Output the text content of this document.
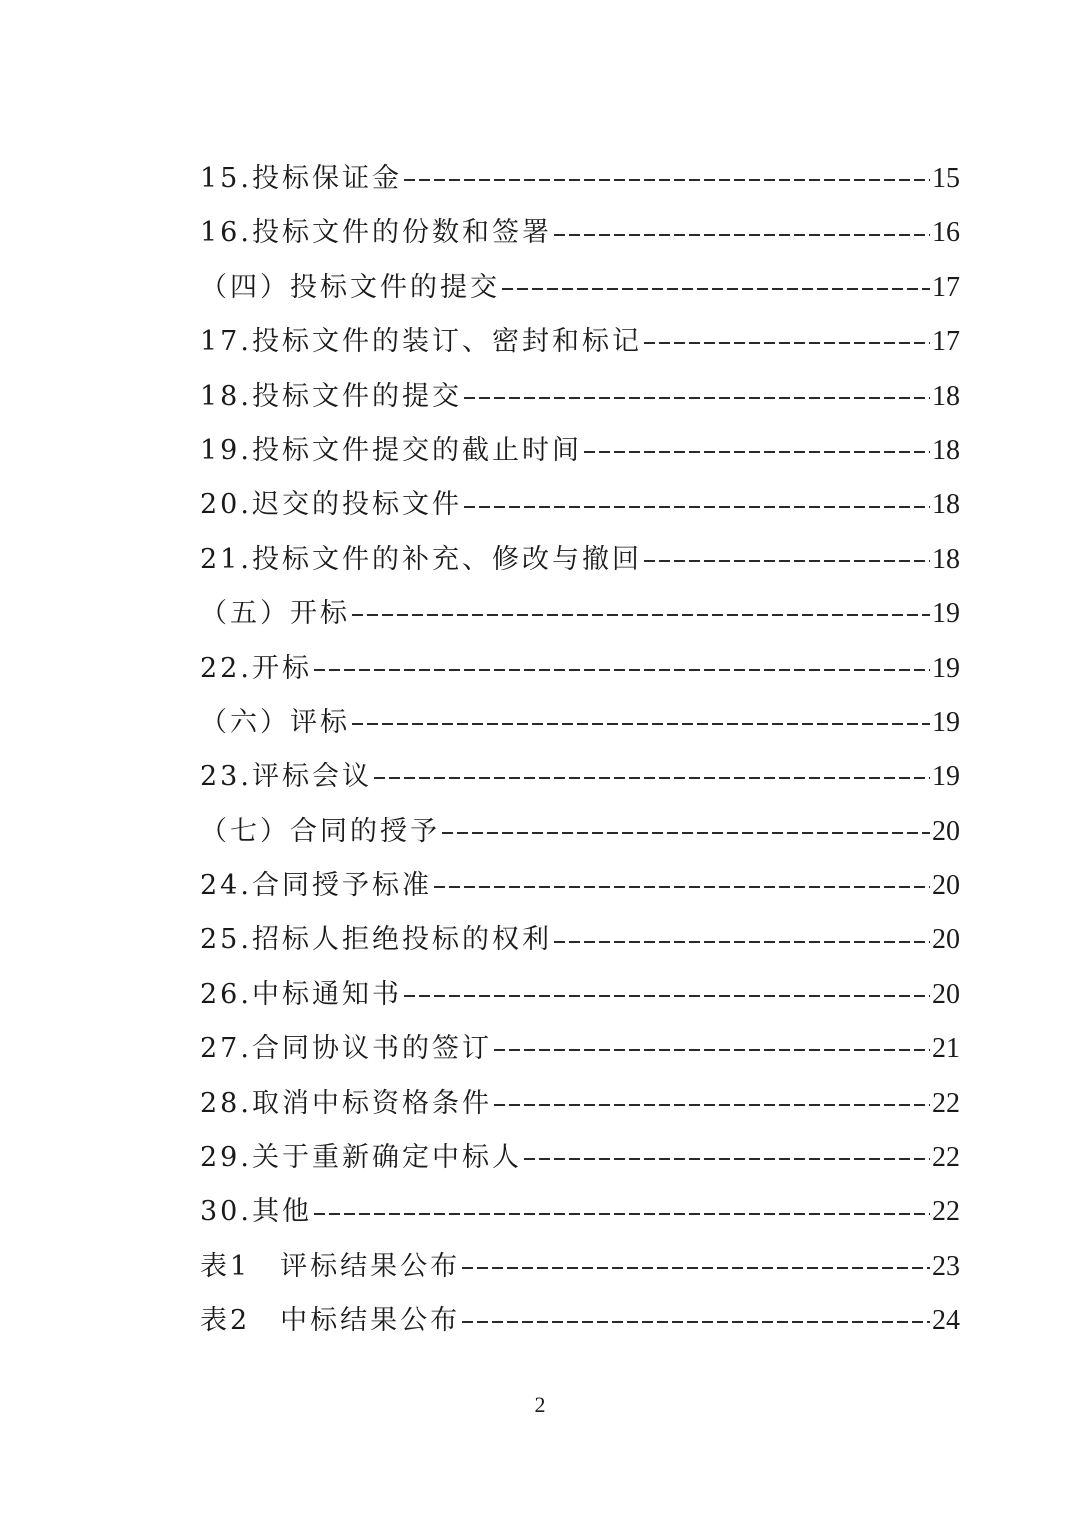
15.投标保证金	15
16.投标文件的份数和签署	16
（四）投标文件的提交	17
17.投标文件的装订、密封和标记	17
18.投标文件的提交	18
19.投标文件提交的截止时间	18
20.迟交的投标文件	18
21.投标文件的补充、修改与撤回	18
（五）开标	19
22.开标	19
（六）评标	19
23.评标会议	19
（七）合同的授予	20
24.合同授予标准	20
25.招标人拒绝投标的权利	20
26.中标通知书	20
27.合同协议书的签订	21
28.取消中标资格条件	22
29.关于重新确定中标人	22
30.其他	22
表1　评标结果公布	23
表2　中标结果公布	24
2
